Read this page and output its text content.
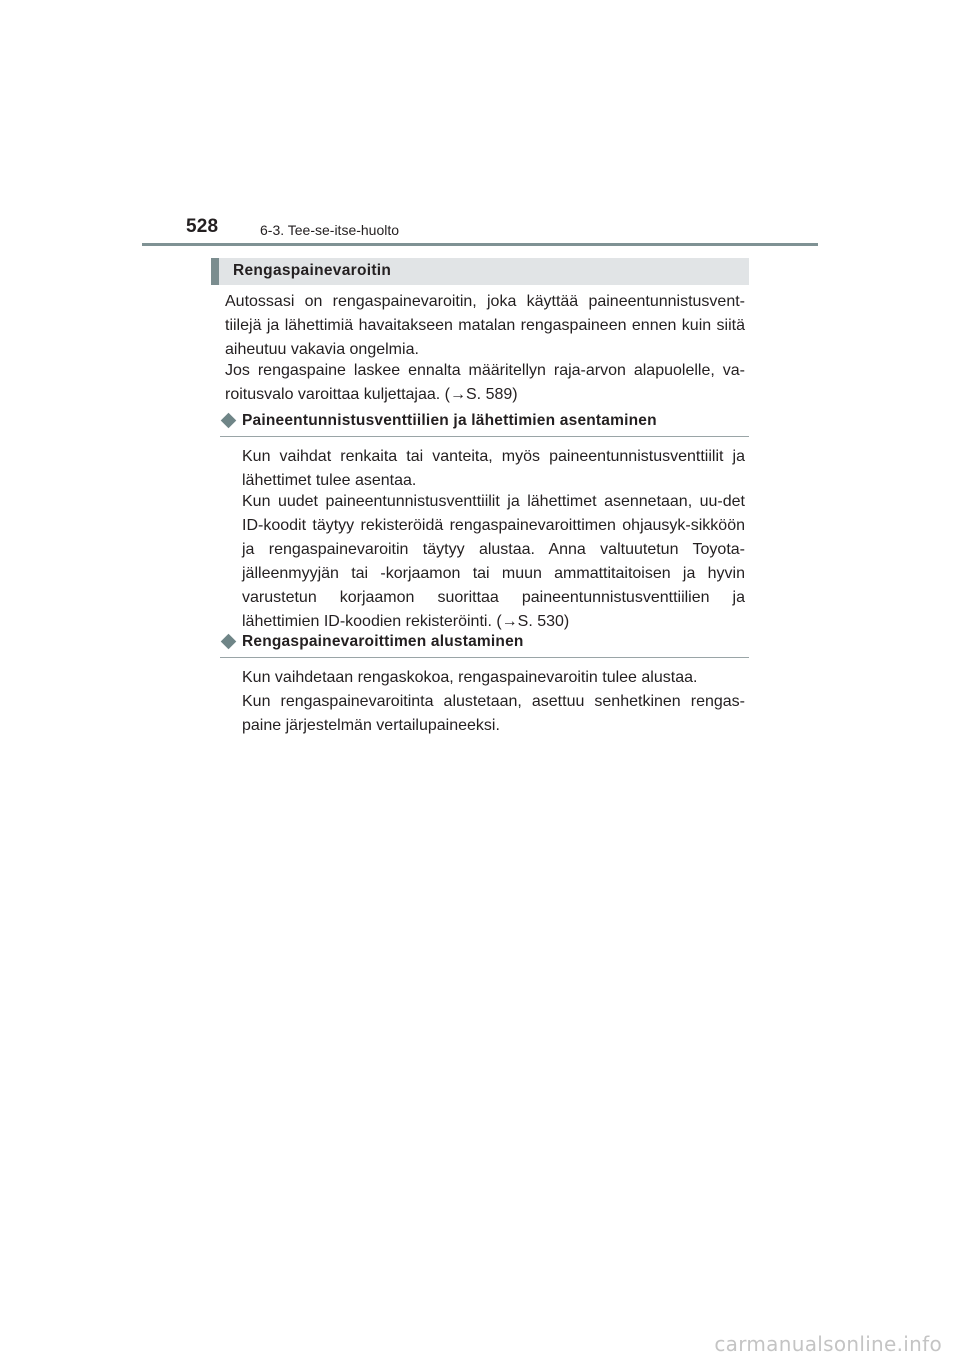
528	6-3. Tee-se-itse-huolto
Rengaspainevaroitin

Autossasi on rengaspainevaroitin, joka käyttää paineentunnistusvent-tiilejä ja lähettimiä havaitakseen matalan rengaspaineen ennen kuin siitä aiheutuu vakavia ongelmia.

Jos rengaspaine laskee ennalta määritellyn raja-arvon alapuolelle, va-roitusvalo varoittaa kuljettajaa. (→S. 589)

Paineentunnistusventtiilien ja lähettimien asentaminen

Kun vaihdat renkaita tai vanteita, myös paineentunnistusventtiilit ja lähettimet tulee asentaa.

Kun uudet paineentunnistusventtiilit ja lähettimet asennetaan, uu-det ID-koodit täytyy rekisteröidä rengaspainevaroittimen ohjausyk-sikköön ja rengaspainevaroitin täytyy alustaa. Anna valtuutetun Toyota-jälleenmyyjän tai -korjaamon tai muun ammattitaitoisen ja hyvin varustetun korjaamon suorittaa paineentunnistusventtiilien ja lähettimien ID-koodien rekisteröinti. (→S. 530)

Rengaspainevaroittimen alustaminen

Kun vaihdetaan rengaskokoa, rengaspainevaroitin tulee alustaa.

Kun rengaspainevaroitinta alustetaan, asettuu senhetkinen rengas-paine järjestelmän vertailupaineeksi.

carmanualsonline.info
